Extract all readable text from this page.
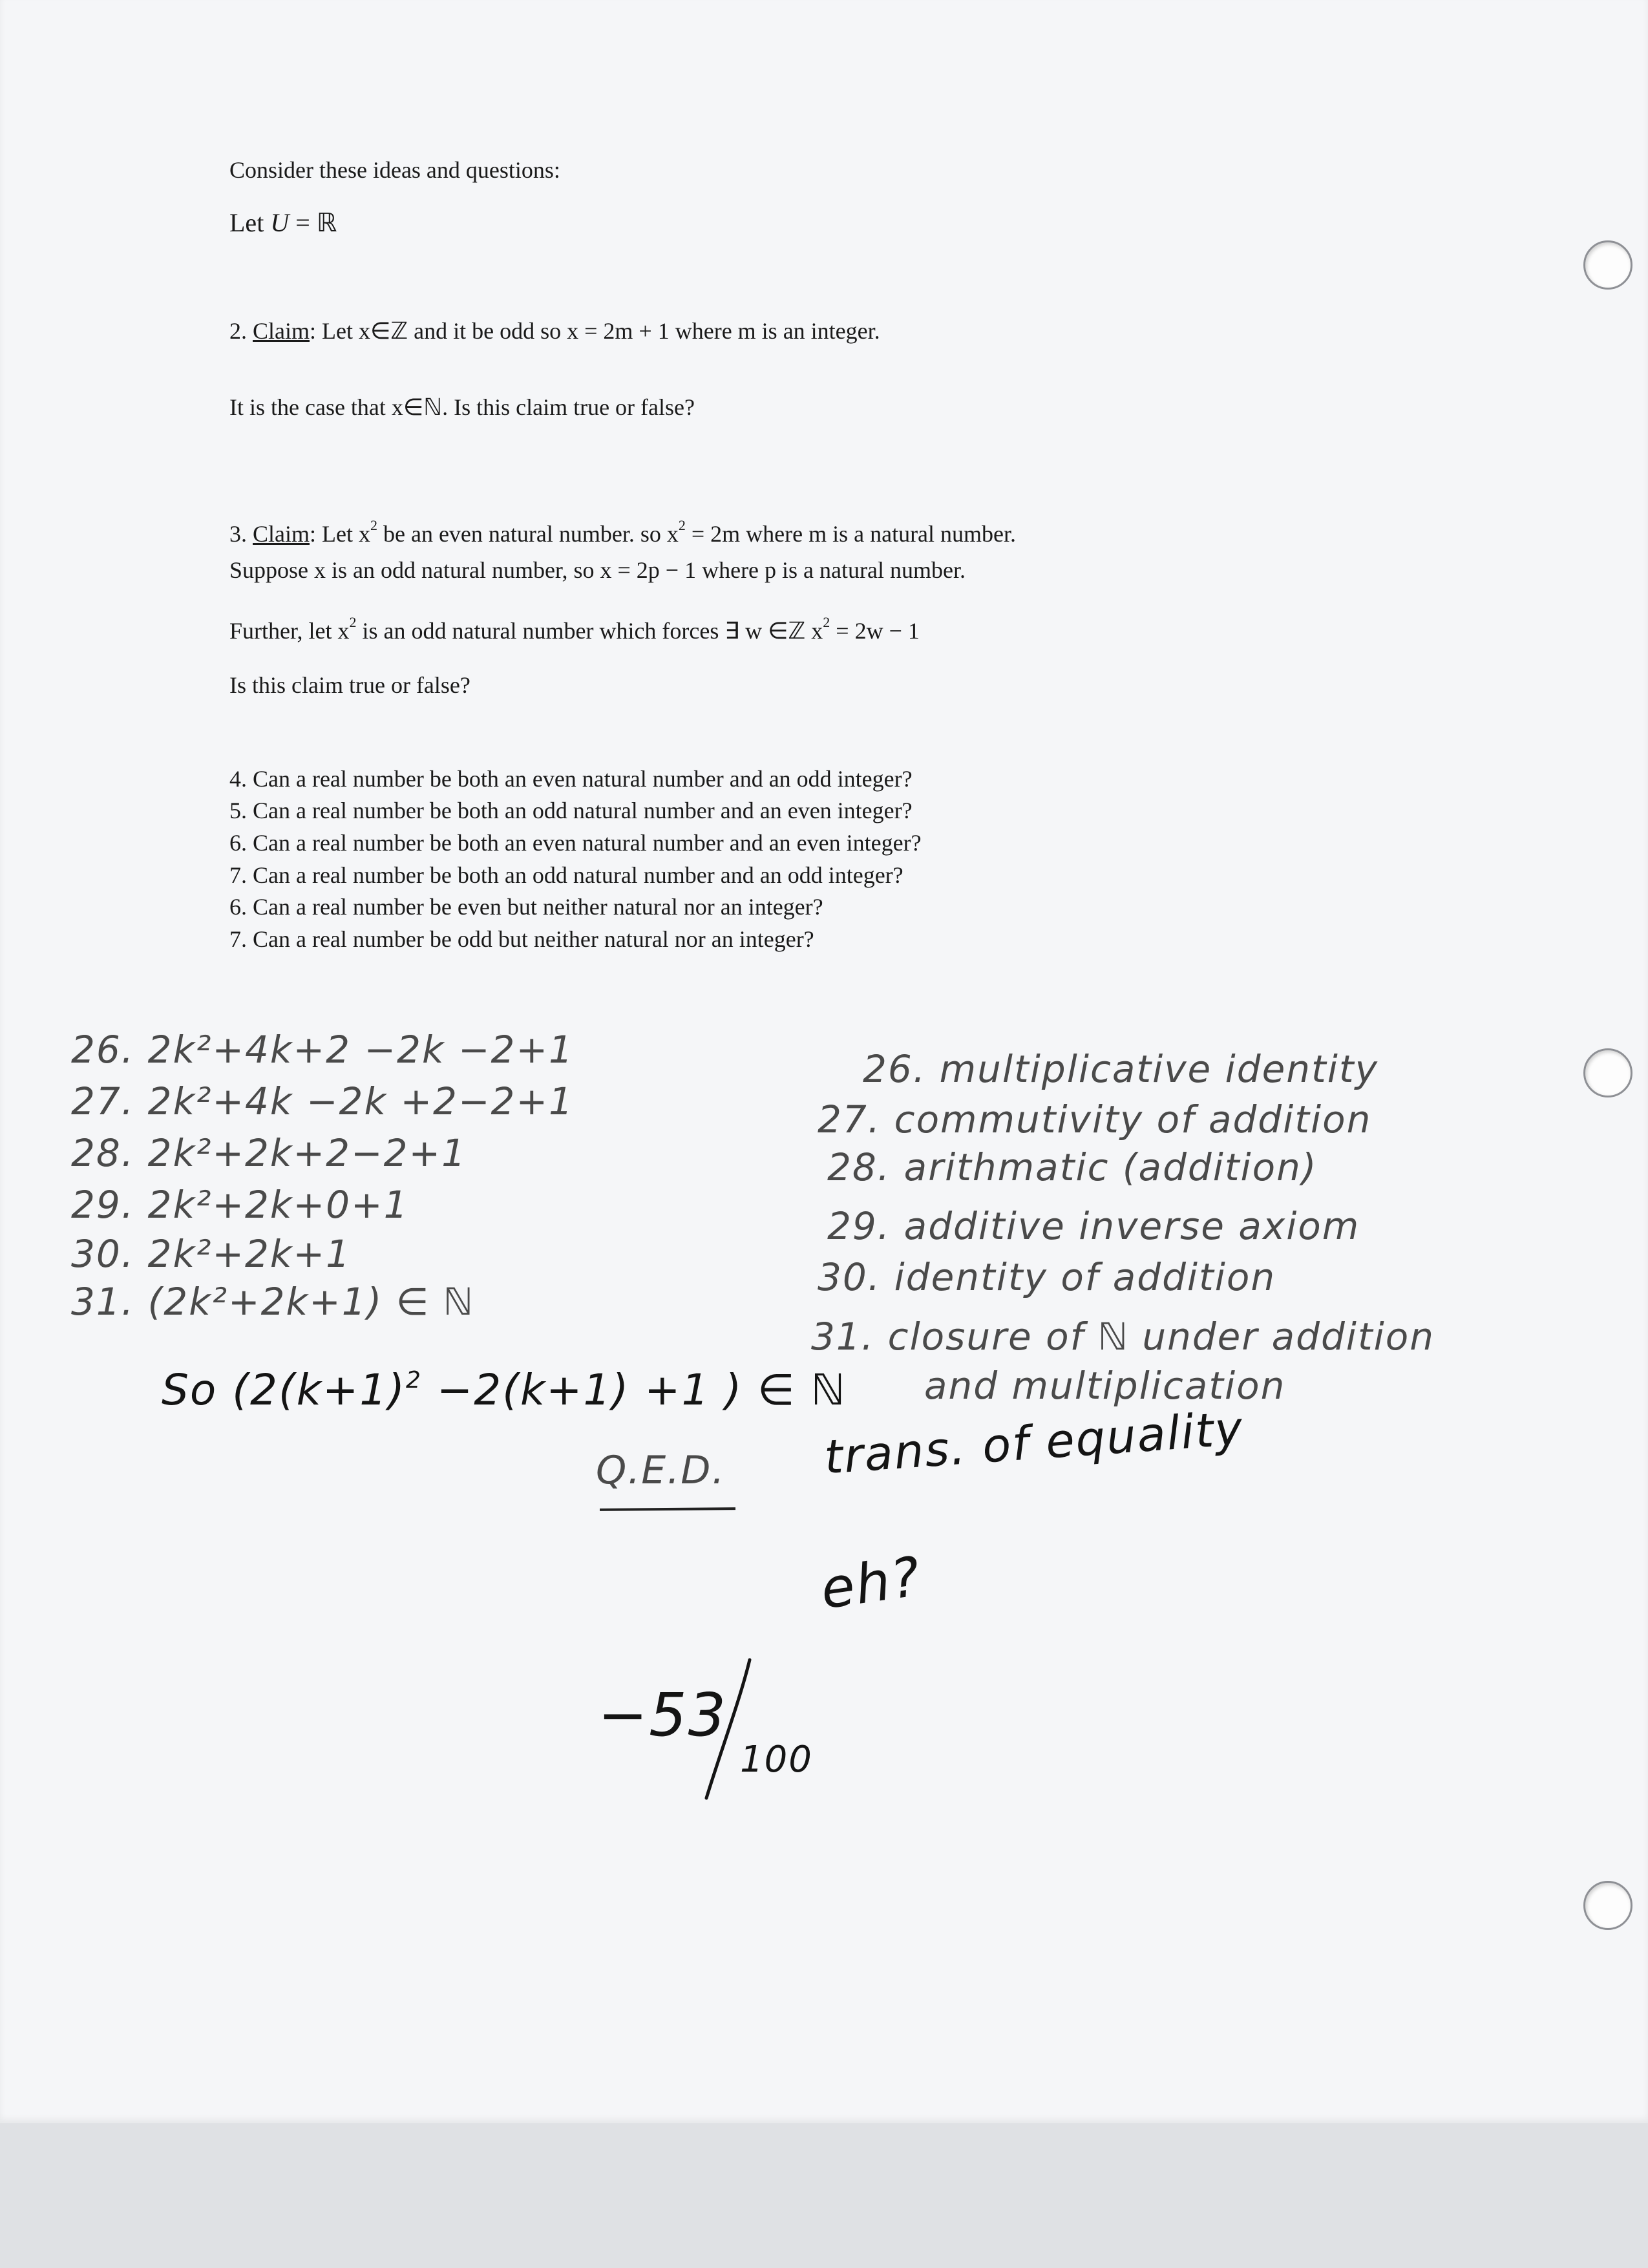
Consider these ideas and questions:
Let U = ℝ
2. Claim: Let x∈ℤ and it be odd so x = 2m + 1 where m is an integer.
It is the case that x∈ℕ. Is this claim true or false?
3. Claim: Let $x^2$ be an even natural number. so $x^2 = 2m$ where m is a natural number.
Suppose x is an odd natural number, so x = 2p − 1 where p is a natural number.
Further, let $x^2$ is an odd natural number which forces ∃ w ∈ℤ $x^2 = 2w - 1$
Is this claim true or false?
4. Can a real number be both an even natural number and an odd integer?
5. Can a real number be both an odd natural number and an even integer?
6. Can a real number be both an even natural number and an even integer?
7. Can a real number be both an odd natural number and an odd integer?
6. Can a real number be even but neither natural nor an integer?
7. Can a real number be odd but neither natural nor an integer?
26. 2k²+4k+2 −2k −2+1
27. 2k²+4k −2k +2−2+1
28. 2k²+2k+2−2+1
29. 2k²+2k+0+1
30. 2k²+2k+1
31. (2k²+2k+1) ∈ ℕ
26. multiplicative identity
27. commutivity of addition
28. arithmatic (addition)
29. additive inverse axiom
30. identity of addition
31. closure of ℕ under addition
and multiplication
So ($2(k+1)^2 -2(k+1) +1$ ) ∈ ℕ
Q.E.D. trans. of equality
eh?
−53
100
